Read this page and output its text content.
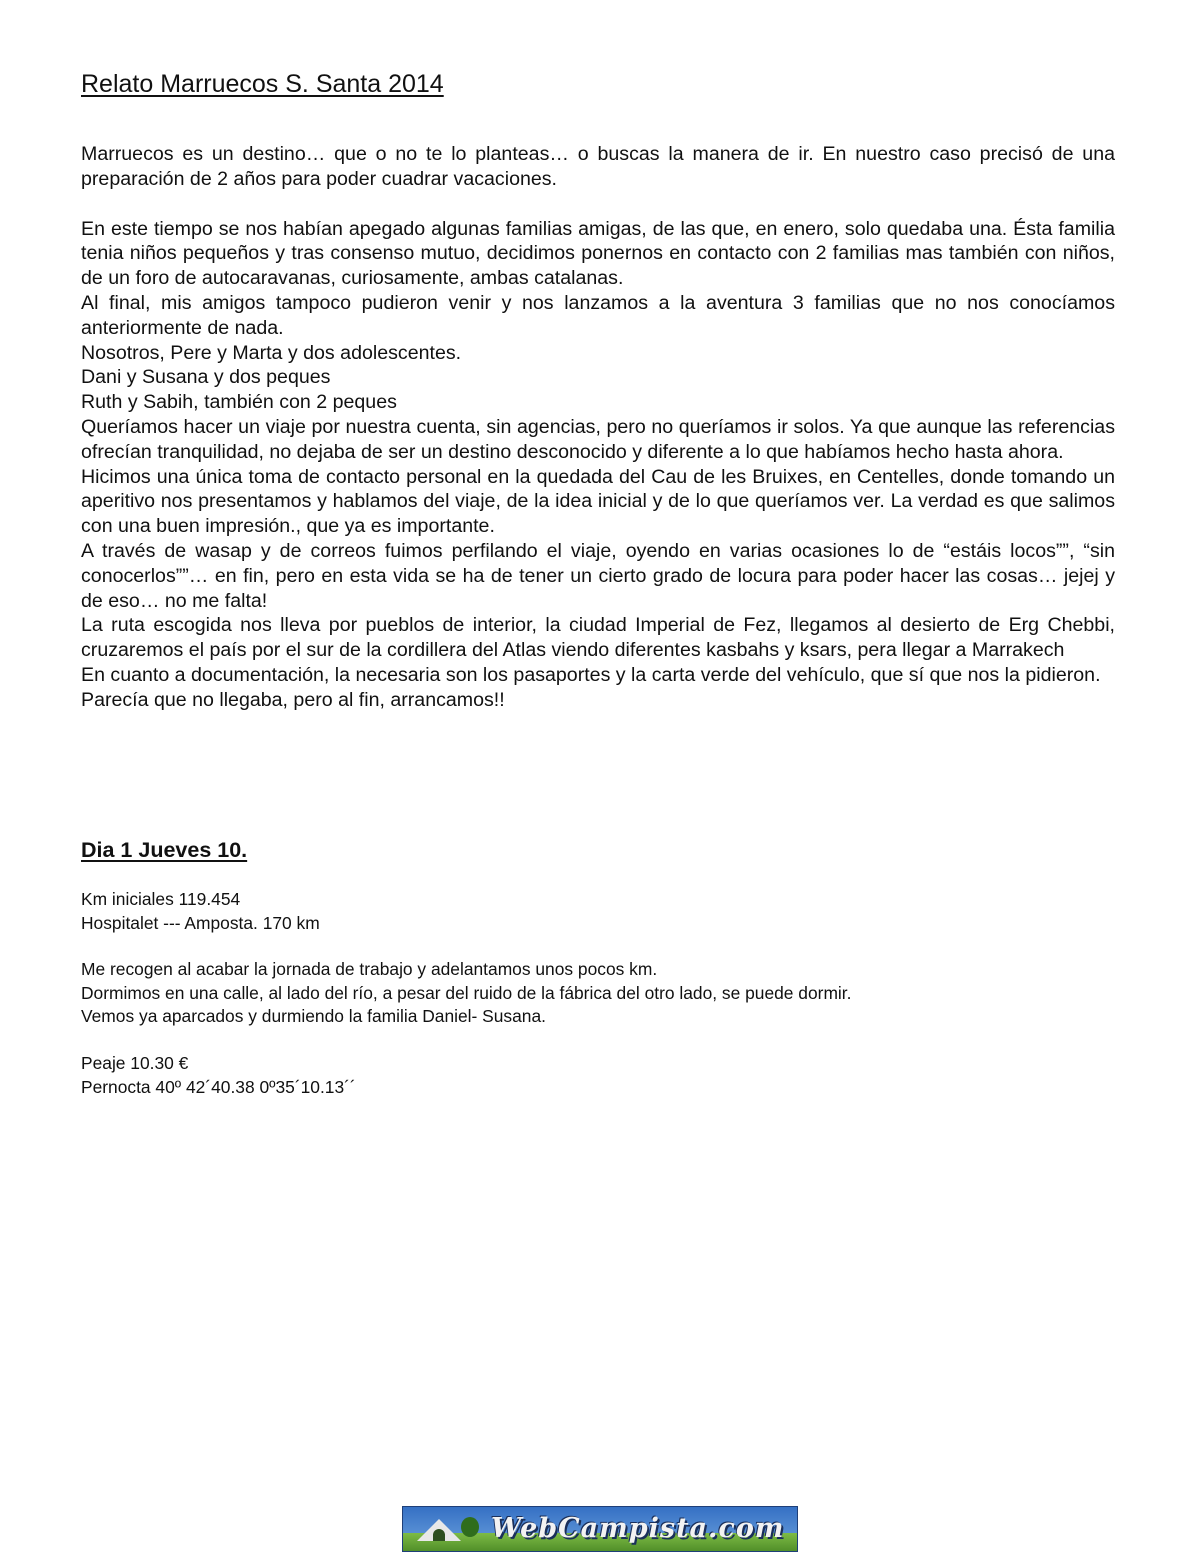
Relato Marruecos S. Santa 2014

Marruecos es un destino… que o no te lo planteas… o buscas la manera de ir. En nuestro caso precisó de una preparación de 2 años para poder cuadrar vacaciones.

En este tiempo se nos habían apegado algunas familias amigas, de las que, en enero, solo quedaba una. Ésta familia tenia niños pequeños y tras consenso mutuo, decidimos ponernos en contacto con 2 familias mas también con niños, de un foro de autocaravanas, curiosamente, ambas catalanas.

Al final, mis amigos tampoco pudieron venir y nos lanzamos a la aventura 3 familias que no nos conocíamos anteriormente de nada.

Nosotros, Pere y Marta y dos adolescentes.

Dani y Susana y dos peques

Ruth y Sabih, también con 2 peques

Queríamos hacer un viaje por nuestra cuenta, sin agencias, pero no queríamos ir solos. Ya que aunque las referencias ofrecían tranquilidad, no dejaba de ser un destino desconocido y diferente a lo que habíamos hecho hasta ahora.

Hicimos una única toma de contacto personal en la quedada del Cau de les Bruixes, en Centelles, donde tomando un aperitivo nos presentamos y hablamos del viaje, de la idea inicial y de lo que queríamos ver. La verdad es que salimos con una buen impresión., que ya es importante.

A través de wasap y de correos fuimos perfilando el viaje, oyendo en varias ocasiones lo de “estáis locos””, “sin conocerlos””… en fin, pero en esta vida se ha de tener un cierto grado de locura para poder hacer las cosas… jejej y de eso… no me falta!

La ruta escogida nos lleva por pueblos de interior, la ciudad Imperial de Fez, llegamos al desierto de Erg Chebbi, cruzaremos el país por el sur de la cordillera del Atlas viendo diferentes kasbahs y ksars, pera llegar a Marrakech

En cuanto a documentación, la necesaria son los pasaportes y la carta verde del vehículo, que sí que nos la pidieron.

Parecía que no llegaba, pero al fin, arrancamos!!

Dia 1 Jueves 10.

Km iniciales 119.454

Hospitalet --- Amposta. 170 km

Me recogen al acabar la jornada de trabajo y adelantamos unos pocos km.

Dormimos en una calle, al lado del río, a pesar del ruido de la fábrica del otro lado, se puede dormir.

Vemos ya aparcados y durmiendo la familia Daniel- Susana.

Peaje 10.30 €

Pernocta 40º 42´40.38 0º35´10.13´´

WebCampista.com
